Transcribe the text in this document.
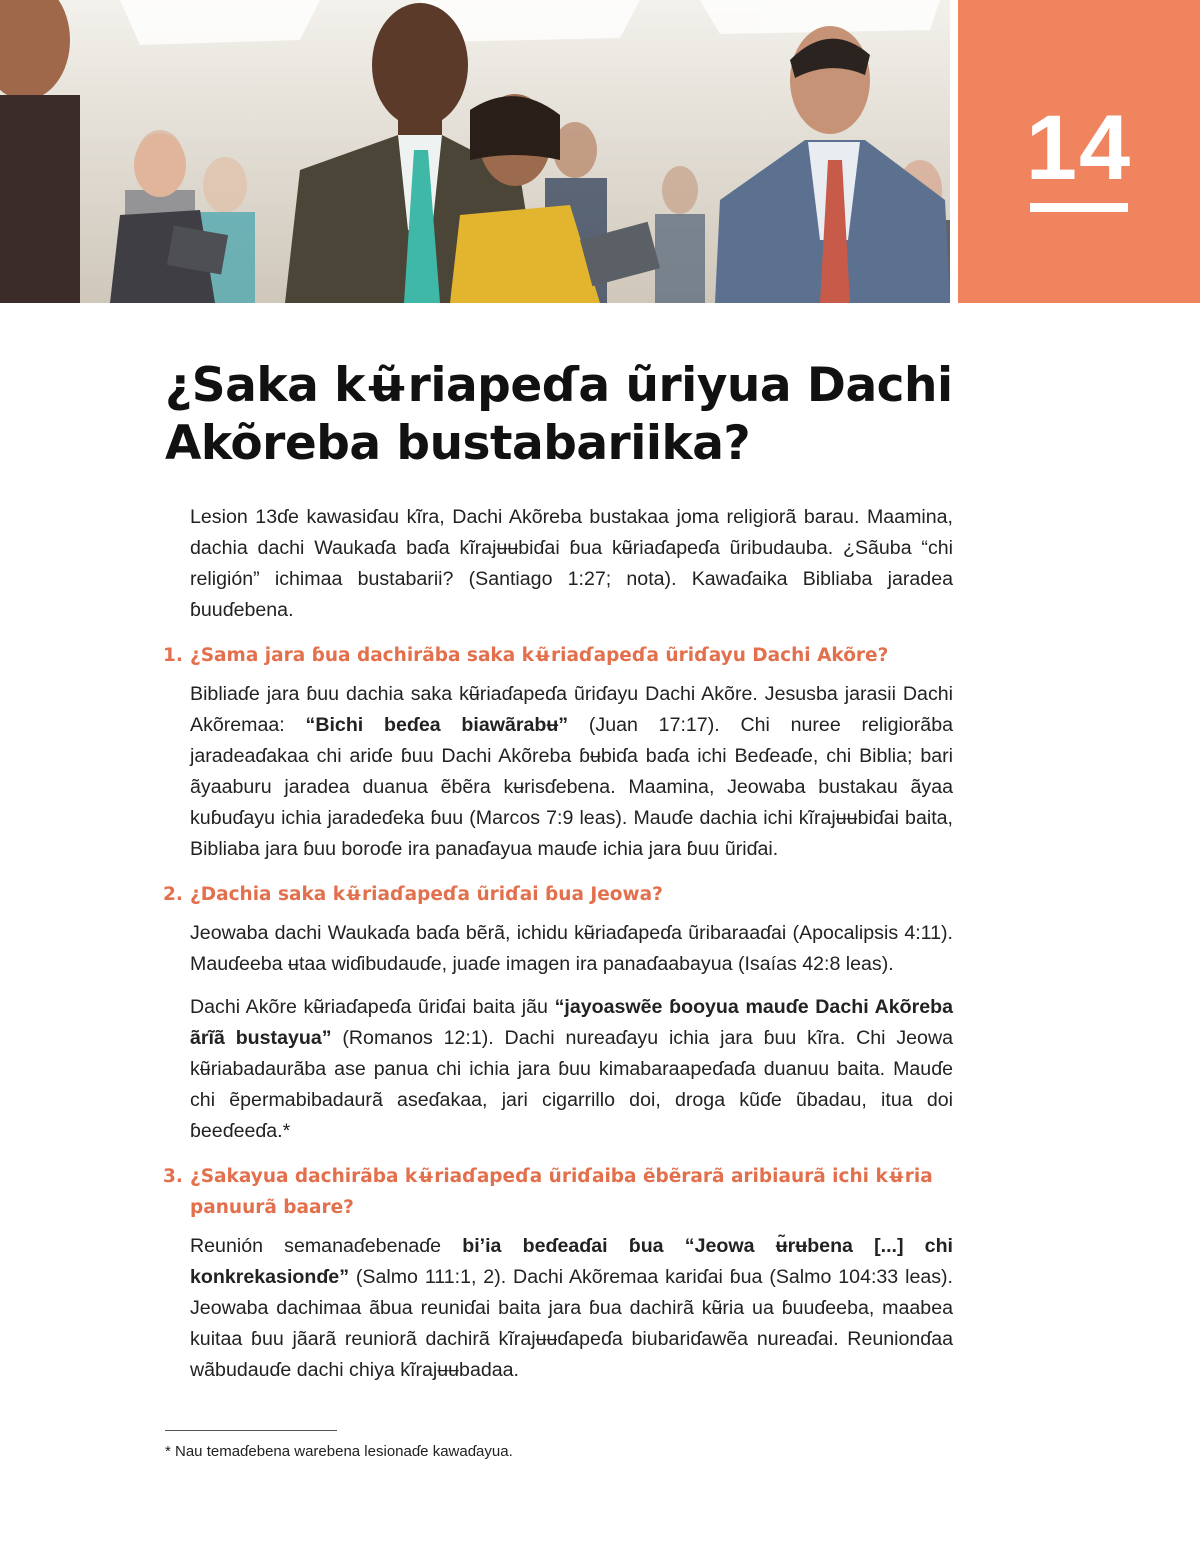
14
¿Saka kʉ̃riapeɗa ũriyua Dachi Akõreba bustabariika?

Lesion 13ɗe kawasiɗau kĩra, Dachi Akõreba bustakaa joma religiorã barau. Maamina, dachia dachi Waukaɗa baɗa kĩrajʉʉbiɗai ɓua kʉ̃riaɗapeɗa ũribudauba. ¿Sãuba “chi religión” ichimaa bustabarii? (Santiago 1:27; nota). Kawaɗaika Bibliaba jaradea ɓuuɗebena.

1. ¿Sama jara ɓua dachirãba saka kʉ̃riaɗapeɗa ũriɗayu Dachi Akõre?

Bibliaɗe jara ɓuu dachia saka kʉ̃riaɗapeɗa ũriɗayu Dachi Akõre. Jesusba jarasii Dachi Akõremaa: “Bichi beɗea biawãrabʉ” (Juan 17:17). Chi nuree religiorãba jaradeaɗakaa chi ariɗe ɓuu Dachi Akõreba ɓʉbiɗa baɗa ichi Beɗeaɗe, chi Biblia; bari ãyaaburu jaradea duanua ẽbẽra kʉrisɗebena. Maamina, Jeowaba bustakau ãyaa kuɓuɗayu ichia jaradeɗeka ɓuu (Marcos 7:9 leas). Mauɗe dachia ichi kĩrajʉʉbiɗai baita, Bibliaba jara ɓuu boroɗe ira panaɗayua mauɗe ichia jara ɓuu ũriɗai.

2. ¿Dachia saka kʉ̃riaɗapeɗa ũriɗai ɓua Jeowa?

Jeowaba dachi Waukaɗa baɗa bẽrã, ichidu kʉ̃riaɗapeɗa ũribaraaɗai (Apocalipsis 4:11). Mauɗeeba ʉtaa wiɗibudauɗe, juaɗe imagen ira panaɗaabayua (Isaías 42:8 leas).

Dachi Akõre kʉ̃riaɗapeɗa ũriɗai baita jãu “jayoaswẽe ɓooyua mauɗe Dachi Akõreba ãrĩã bustayua” (Romanos 12:1). Dachi nureaɗayu ichia jara ɓuu kĩra. Chi Jeowa kʉ̃riabadaurãba ase panua chi ichia jara ɓuu kimabaraapeɗaɗa duanuu baita. Mauɗe chi ẽpermabibadaurã aseɗakaa, jari cigarrillo doi, droga kũɗe ũbadau, itua doi ɓeeɗeeɗa.*

3. ¿Sakayua dachirãba kʉ̃riaɗapeɗa ũriɗaiba ẽbẽrarã aribiaurã ichi kʉ̃ria panuurã baare?

Reunión semanaɗebenaɗe bi’ia beɗeaɗai ɓua “Jeowa ʉ̃rʉbena [...] chi konkrekasionɗe” (Salmo 111:1, 2). Dachi Akõremaa kariɗai ɓua (Salmo 104:33 leas). Jeowaba dachimaa ãbua reuniɗai baita jara ɓua dachirã kʉ̃ria ua ɓuuɗeeba, maabea kuitaa ɓuu jãarã reuniorã dachirã kĩrajʉʉɗapeɗa biubariɗawẽa nureaɗai. Reunionɗaa wãbudauɗe dachi chiya kĩrajʉʉbadaa.

* Nau temaɗebena warebena lesionaɗe kawaɗayua.
